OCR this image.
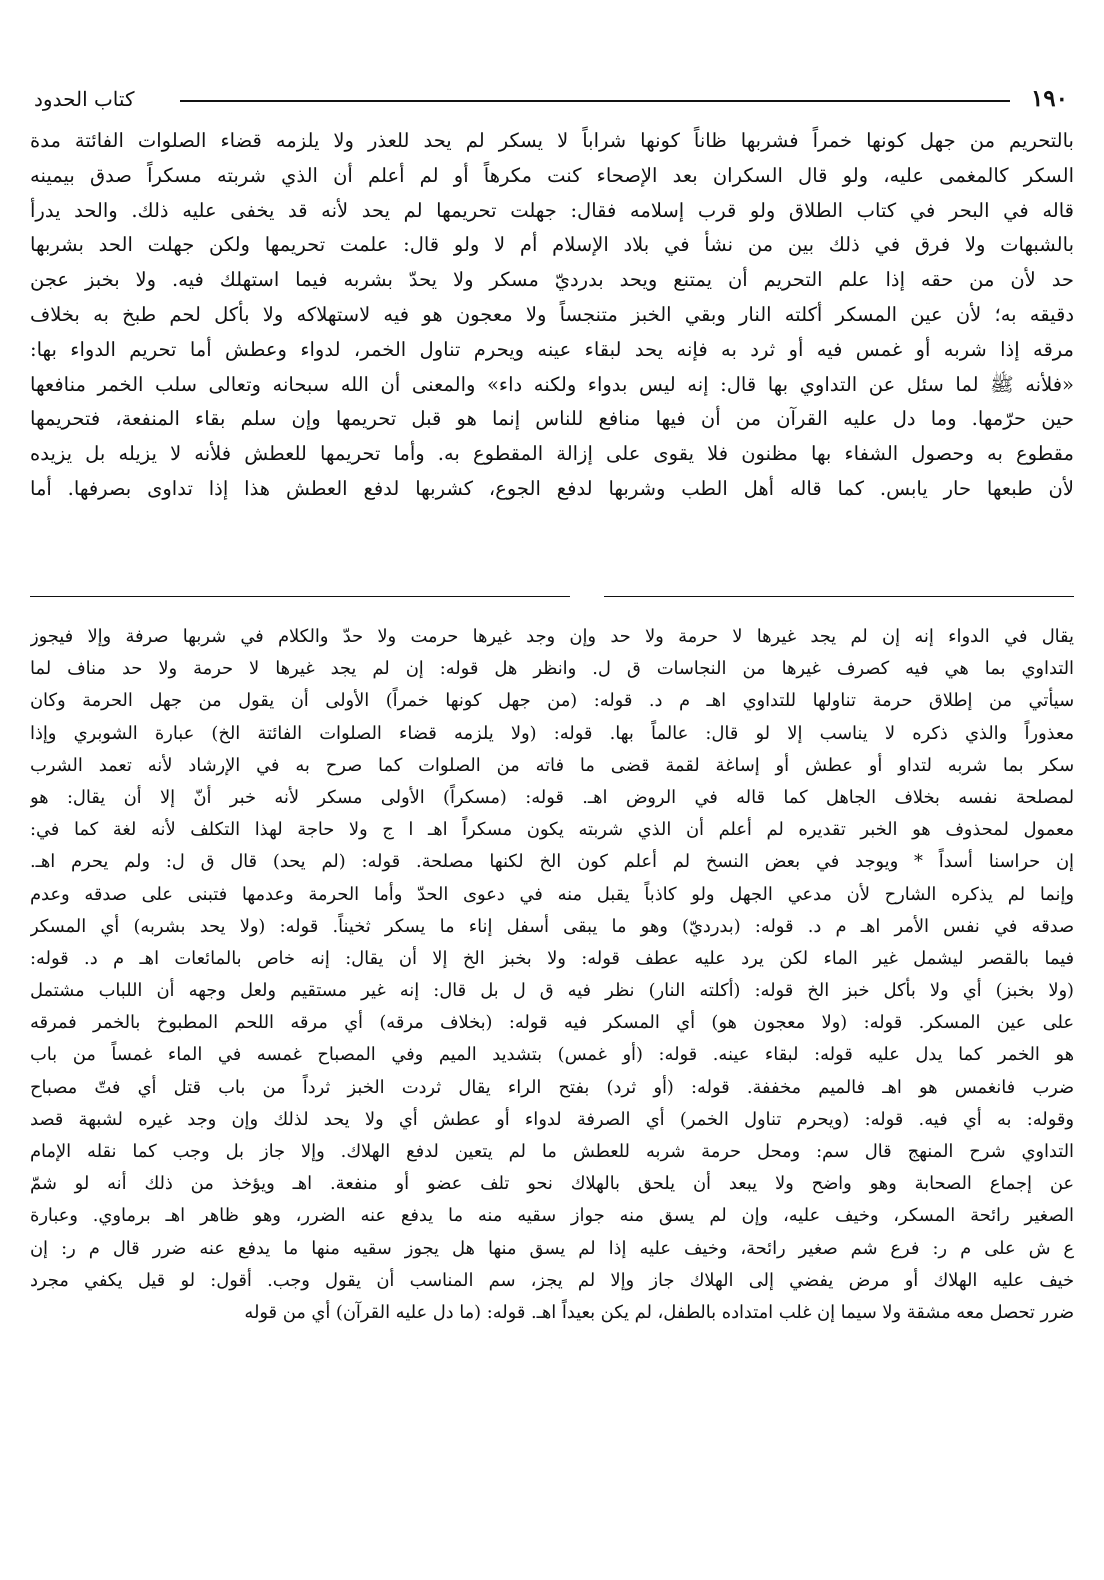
١٩٠
كتاب الحدود
بالتحريم من جهل كونها خمراً فشربها ظاناً كونها شراباً لا يسكر لم يحد للعذر ولا يلزمه قضاء الصلوات الفائتة مدة
السكر كالمغمى عليه، ولو قال السكران بعد الإصحاء كنت مكرهاً أو لم أعلم أن الذي شربته مسكراً صدق بيمينه
قاله في البحر في كتاب الطلاق ولو قرب إسلامه فقال: جهلت تحريمها لم يحد لأنه قد يخفى عليه ذلك. والحد يدرأ
بالشبهات ولا فرق في ذلك بين من نشأ في بلاد الإسلام أم لا ولو قال: علمت تحريمها ولكن جهلت الحد بشربها
حد لأن من حقه إذا علم التحريم أن يمتنع ويحد بدرديّ مسكر ولا يحدّ بشربه فيما استهلك فيه. ولا بخبز عجن
دقيقه به؛ لأن عين المسكر أكلته النار وبقي الخبز متنجساً ولا معجون هو فيه لاستهلاكه ولا بأكل لحم طبخ به بخلاف
مرقه إذا شربه أو غمس فيه أو ثرد به فإنه يحد لبقاء عينه ويحرم تناول الخمر، لدواء وعطش أما تحريم الدواء بها:
«فلأنه ﷺ لما سئل عن التداوي بها قال: إنه ليس بدواء ولكنه داء» والمعنى أن الله سبحانه وتعالى سلب الخمر منافعها
حين حرّمها. وما دل عليه القرآن من أن فيها منافع للناس إنما هو قبل تحريمها وإن سلم بقاء المنفعة، فتحريمها
مقطوع به وحصول الشفاء بها مظنون فلا يقوى على إزالة المقطوع به. وأما تحريمها للعطش فلأنه لا يزيله بل يزيده
لأن طبعها حار يابس. كما قاله أهل الطب وشربها لدفع الجوع، كشربها لدفع العطش هذا إذا تداوى بصرفها. أما
يقال في الدواء إنه إن لم يجد غيرها لا حرمة ولا حد وإن وجد غيرها حرمت ولا حدّ والكلام في شربها صرفة وإلا فيجوز
التداوي بما هي فيه كصرف غيرها من النجاسات ق ل. وانظر هل قوله: إن لم يجد غيرها لا حرمة ولا حد مناف لما
سيأتي من إطلاق حرمة تناولها للتداوي اهـ م د. قوله: (من جهل كونها خمراً) الأولى أن يقول من جهل الحرمة وكان
معذوراً والذي ذكره لا يناسب إلا لو قال: عالماً بها. قوله: (ولا يلزمه قضاء الصلوات الفائتة الخ) عبارة الشوبري وإذا
سكر بما شربه لتداو أو عطش أو إساغة لقمة قضى ما فاته من الصلوات كما صرح به في الإرشاد لأنه تعمد الشرب
لمصلحة نفسه بخلاف الجاهل كما قاله في الروض اهـ. قوله: (مسكراً) الأولى مسكر لأنه خبر أنّ إلا أن يقال: هو
معمول لمحذوف هو الخبر تقديره لم أعلم أن الذي شربته يكون مسكراً اهـ ا ج ولا حاجة لهذا التكلف لأنه لغة كما في:
إن حراسنا أسداً * ويوجد في بعض النسخ لم أعلم كون الخ لكنها مصلحة. قوله: (لم يحد) قال ق ل: ولم يحرم اهـ.
وإنما لم يذكره الشارح لأن مدعي الجهل ولو كاذباً يقبل منه في دعوى الحدّ وأما الحرمة وعدمها فتبنى على صدقه وعدم
صدقه في نفس الأمر اهـ م د. قوله: (بدرديّ) وهو ما يبقى أسفل إناء ما يسكر ثخيناً. قوله: (ولا يحد بشربه) أي المسكر
فيما بالقصر ليشمل غير الماء لكن يرد عليه عطف قوله: ولا بخبز الخ إلا أن يقال: إنه خاص بالمائعات اهـ م د. قوله:
(ولا بخبز) أي ولا بأكل خبز الخ قوله: (أكلته النار) نظر فيه ق ل بل قال: إنه غير مستقيم ولعل وجهه أن اللباب مشتمل
على عين المسكر. قوله: (ولا معجون هو) أي المسكر فيه قوله: (بخلاف مرقه) أي مرقه اللحم المطبوخ بالخمر فمرقه
هو الخمر كما يدل عليه قوله: لبقاء عينه. قوله: (أو غمس) بتشديد الميم وفي المصباح غمسه في الماء غمساً من باب
ضرب فانغمس هو اهـ فالميم مخففة. قوله: (أو ثرد) بفتح الراء يقال ثردت الخبز ثرداً من باب قتل أي فتّ مصباح
وقوله: به أي فيه. قوله: (ويحرم تناول الخمر) أي الصرفة لدواء أو عطش أي ولا يحد لذلك وإن وجد غيره لشبهة قصد
التداوي شرح المنهج قال سم: ومحل حرمة شربه للعطش ما لم يتعين لدفع الهلاك. وإلا جاز بل وجب كما نقله الإمام
عن إجماع الصحابة وهو واضح ولا يبعد أن يلحق بالهلاك نحو تلف عضو أو منفعة. اهـ ويؤخذ من ذلك أنه لو شمّ
الصغير رائحة المسكر، وخيف عليه، وإن لم يسق منه جواز سقيه منه ما يدفع عنه الضرر، وهو ظاهر اهـ برماوي. وعبارة
ع ش على م ر: فرع شم صغير رائحة، وخيف عليه إذا لم يسق منها هل يجوز سقيه منها ما يدفع عنه ضرر قال م ر: إن
خيف عليه الهلاك أو مرض يفضي إلى الهلاك جاز وإلا لم يجز، سم المناسب أن يقول وجب. أقول: لو قيل يكفي مجرد
ضرر تحصل معه مشقة ولا سيما إن غلب امتداده بالطفل، لم يكن بعيداً اهـ. قوله: (ما دل عليه القرآن) أي من قوله
